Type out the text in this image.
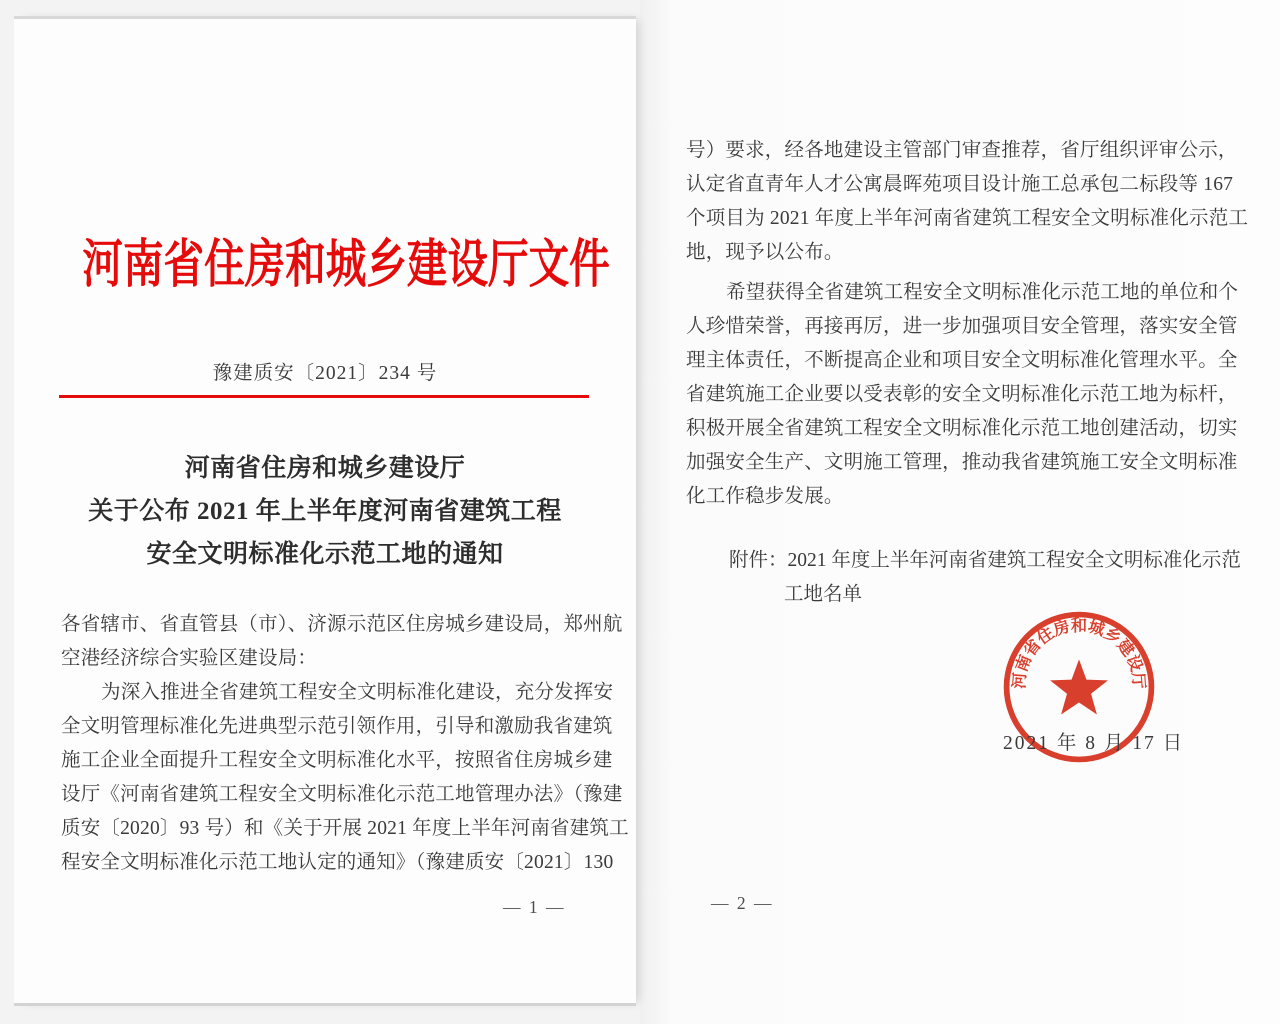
河南省住房和城乡建设厅文件
豫建质安〔2021〕234 号
河南省住房和城乡建设厅
关于公布 2021 年上半年度河南省建筑工程
安全文明标准化示范工地的通知
各省辖市、省直管县（市）、济源示范区住房城乡建设局，郑州航
空港经济综合实验区建设局：
为深入推进全省建筑工程安全文明标准化建设，充分发挥安
全文明管理标准化先进典型示范引领作用，引导和激励我省建筑
施工企业全面提升工程安全文明标准化水平，按照省住房城乡建
设厅《河南省建筑工程安全文明标准化示范工地管理办法》（豫建
质安〔2020〕93 号）和《关于开展 2021 年度上半年河南省建筑工
程安全文明标准化示范工地认定的通知》（豫建质安〔2021〕130
— 1 —
号）要求，经各地建设主管部门审查推荐，省厅组织评审公示，
认定省直青年人才公寓晨晖苑项目设计施工总承包二标段等 167
个项目为 2021 年度上半年河南省建筑工程安全文明标准化示范工
地，现予以公布。
希望获得全省建筑工程安全文明标准化示范工地的单位和个
人珍惜荣誉，再接再厉，进一步加强项目安全管理，落实安全管
理主体责任，不断提高企业和项目安全文明标准化管理水平。全
省建筑施工企业要以受表彰的安全文明标准化示范工地为标杆，
积极开展全省建筑工程安全文明标准化示范工地创建活动，切实
加强安全生产、文明施工管理，推动我省建筑施工安全文明标准
化工作稳步发展。
附件：2021 年度上半年河南省建筑工程安全文明标准化示范
工地名单
河南省住房和城乡建设厅
2021 年 8 月 17 日
— 2 —
